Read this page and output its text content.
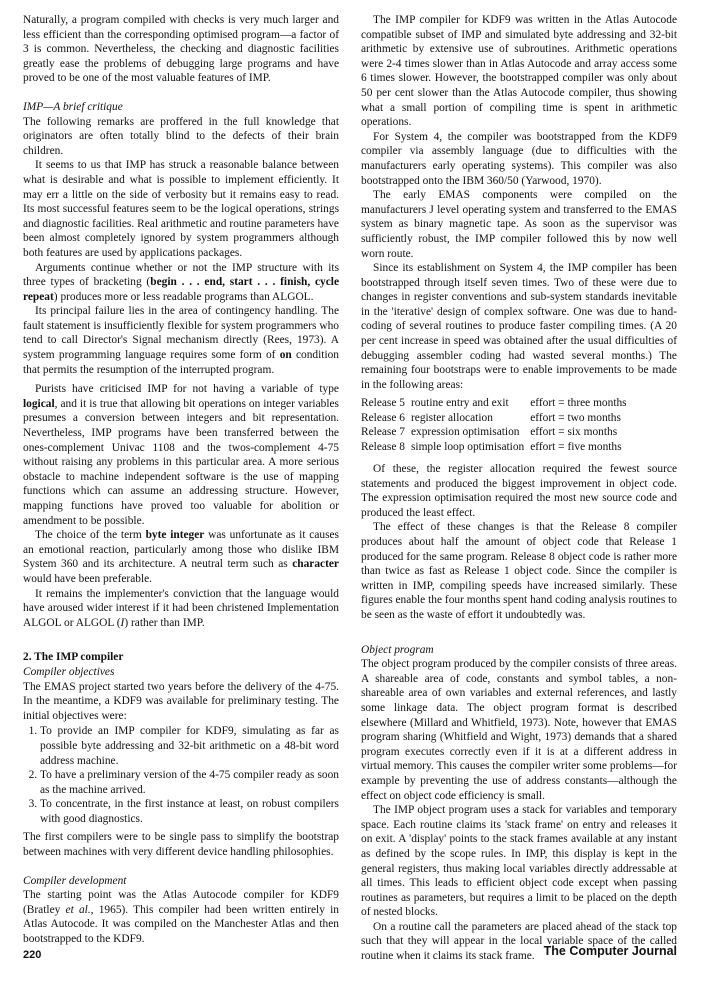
Naturally, a program compiled with checks is very much larger and less efficient than the corresponding optimised program—a factor of 3 is common. Nevertheless, the checking and diagnostic facilities greatly ease the problems of debugging large programs and have proved to be one of the most valuable features of IMP.

IMP—A brief critique

The following remarks are proffered in the full knowledge that originators are often totally blind to the defects of their brain children.

It seems to us that IMP has struck a reasonable balance between what is desirable and what is possible to implement efficiently. It may err a little on the side of verbosity but it remains easy to read. Its most successful features seem to be the logical operations, strings and diagnostic facilities. Real arithmetic and routine parameters have been almost completely ignored by system programmers although both features are used by applications packages.

Arguments continue whether or not the IMP structure with its three types of bracketing (begin . . . end, start . . . finish, cycle repeat) produces more or less readable programs than ALGOL.

Its principal failure lies in the area of contingency handling. The fault statement is insufficiently flexible for system programmers who tend to call Director's Signal mechanism directly (Rees, 1973). A system programming language requires some form of on condition that permits the resumption of the interrupted program.

Purists have criticised IMP for not having a variable of type logical, and it is true that allowing bit operations on integer variables presumes a conversion between integers and bit representation. Nevertheless, IMP programs have been transferred between the ones-complement Univac 1108 and the twos-complement 4-75 without raising any problems in this particular area. A more serious obstacle to machine independent software is the use of mapping functions which can assume an addressing structure. However, mapping functions have proved too valuable for abolition or amendment to be possible.

The choice of the term byte integer was unfortunate as it causes an emotional reaction, particularly among those who dislike IBM System 360 and its architecture. A neutral term such as character would have been preferable.

It remains the implementer's conviction that the language would have aroused wider interest if it had been christened Implementation ALGOL or ALGOL (I) rather than IMP.

2. The IMP compiler

Compiler objectives

The EMAS project started two years before the delivery of the 4-75. In the meantime, a KDF9 was available for preliminary testing. The initial objectives were:

1. To provide an IMP compiler for KDF9, simulating as far as possible byte addressing and 32-bit arithmetic on a 48-bit word address machine.
2. To have a preliminary version of the 4-75 compiler ready as soon as the machine arrived.
3. To concentrate, in the first instance at least, on robust compilers with good diagnostics.

The first compilers were to be single pass to simplify the bootstrap between machines with very different device handling philosophies.

Compiler development

The starting point was the Atlas Autocode compiler for KDF9 (Bratley et al., 1965). This compiler had been written entirely in Atlas Autocode. It was compiled on the Manchester Atlas and then bootstrapped to the KDF9.

The IMP compiler for KDF9 was written in the Atlas Autocode compatible subset of IMP and simulated byte addressing and 32-bit arithmetic by extensive use of subroutines. Arithmetic operations were 2-4 times slower than in Atlas Autocode and array access some 6 times slower. However, the bootstrapped compiler was only about 50 per cent slower than the Atlas Autocode compiler, thus showing what a small portion of compiling time is spent in arithmetic operations.

For System 4, the compiler was bootstrapped from the KDF9 compiler via assembly language (due to difficulties with the manufacturers early operating systems). This compiler was also bootstrapped onto the IBM 360/50 (Yarwood, 1970).

The early EMAS components were compiled on the manufacturers J level operating system and transferred to the EMAS system as binary magnetic tape. As soon as the supervisor was sufficiently robust, the IMP compiler followed this by now well worn route.

Since its establishment on System 4, the IMP compiler has been bootstrapped through itself seven times. Two of these were due to changes in register conventions and sub-system standards inevitable in the 'iterative' design of complex software. One was due to hand-coding of several routines to produce faster compiling times. (A 20 per cent increase in speed was obtained after the usual difficulties of debugging assembler coding had wasted several months.) The remaining four bootstraps were to enable improvements to be made in the following areas:

Release 5	routine entry and exit	effort = three months
Release 6	register allocation	effort = two months
Release 7	expression optimisation	effort = six months
Release 8	simple loop optimisation	effort = five months

Of these, the register allocation required the fewest source statements and produced the biggest improvement in object code. The expression optimisation required the most new source code and produced the least effect.

The effect of these changes is that the Release 8 compiler produces about half the amount of object code that Release 1 produced for the same program. Release 8 object code is rather more than twice as fast as Release 1 object code. Since the compiler is written in IMP, compiling speeds have increased similarly. These figures enable the four months spent hand coding analysis routines to be seen as the waste of effort it undoubtedly was.

Object program

The object program produced by the compiler consists of three areas. A shareable area of code, constants and symbol tables, a non-shareable area of own variables and external references, and lastly some linkage data. The object program format is described elsewhere (Millard and Whitfield, 1973). Note, however that EMAS program sharing (Whitfield and Wight, 1973) demands that a shared program executes correctly even if it is at a different address in virtual memory. This causes the compiler writer some problems—for example by preventing the use of address constants—although the effect on object code efficiency is small.

The IMP object program uses a stack for variables and temporary space. Each routine claims its 'stack frame' on entry and releases it on exit. A 'display' points to the stack frames available at any instant as defined by the scope rules. In IMP, this display is kept in the general registers, thus making local variables directly addressable at all times. This leads to efficient object code except when passing routines as parameters, but requires a limit to be placed on the depth of nested blocks.

On a routine call the parameters are placed ahead of the stack top such that they will appear in the local variable space of the called routine when it claims its stack frame.

220	The Computer Journal
